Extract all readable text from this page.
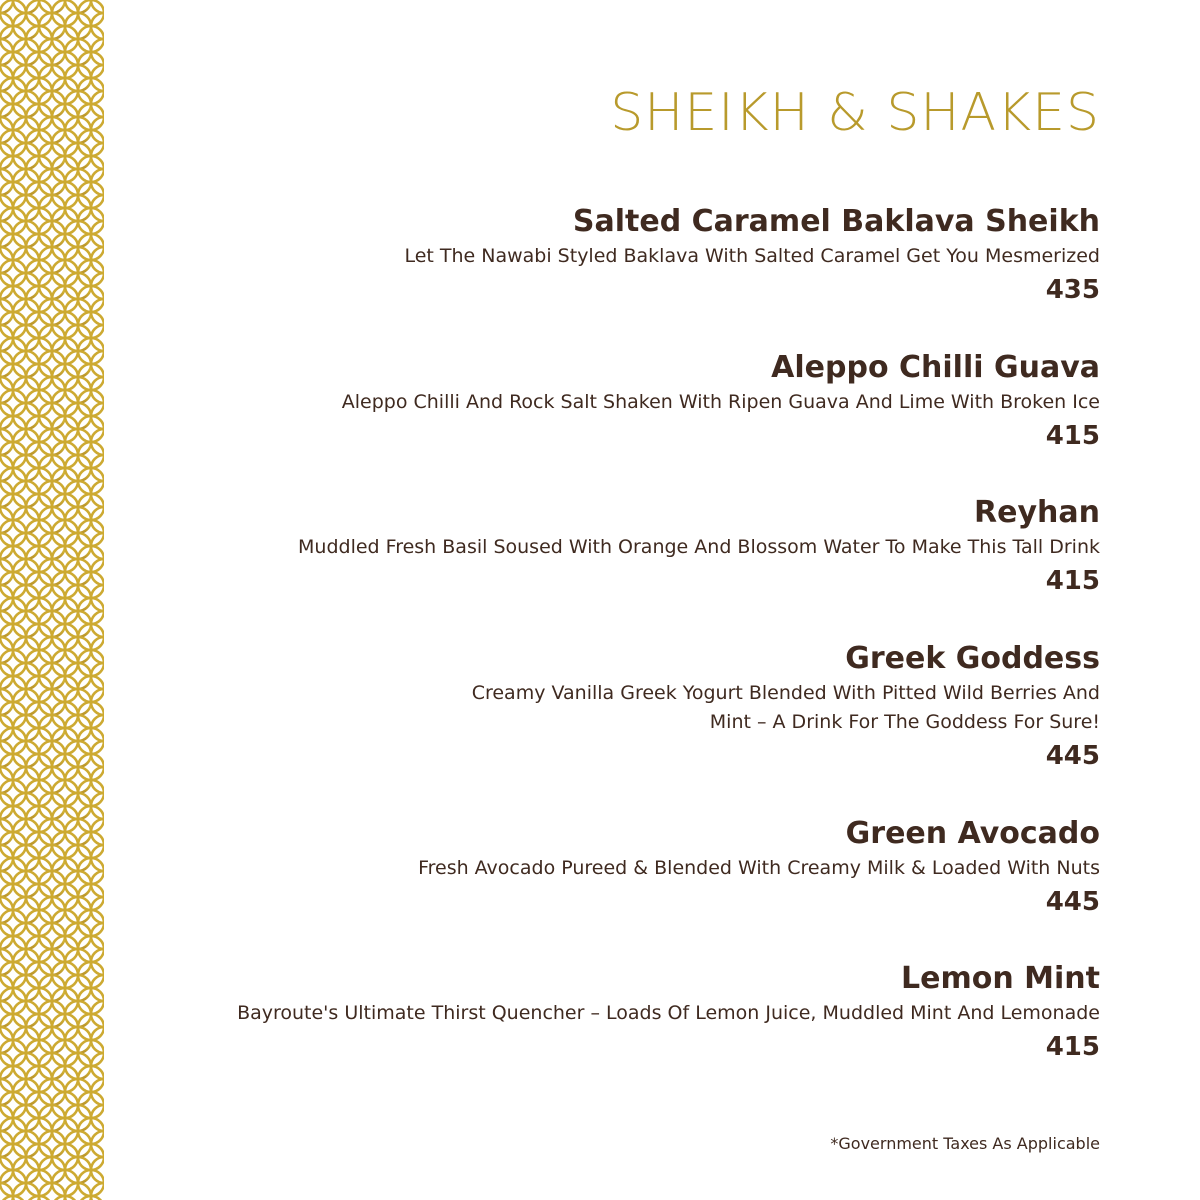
SHEIKH & SHAKES
Salted Caramel Baklava Sheikh
Let The Nawabi Styled Baklava With Salted Caramel Get You Mesmerized
435
Aleppo Chilli Guava
Aleppo Chilli And Rock Salt Shaken With Ripen Guava And Lime With Broken Ice
415
Reyhan
Muddled Fresh Basil Soused With Orange And Blossom Water To Make This Tall Drink
415
Greek Goddess
Creamy Vanilla Greek Yogurt Blended With Pitted Wild Berries And
Mint – A Drink For The Goddess For Sure!
445
Green Avocado
Fresh Avocado Pureed & Blended With Creamy Milk & Loaded With Nuts
445
Lemon Mint
Bayroute's Ultimate Thirst Quencher – Loads Of Lemon Juice, Muddled Mint And Lemonade
415
*Government Taxes As Applicable
